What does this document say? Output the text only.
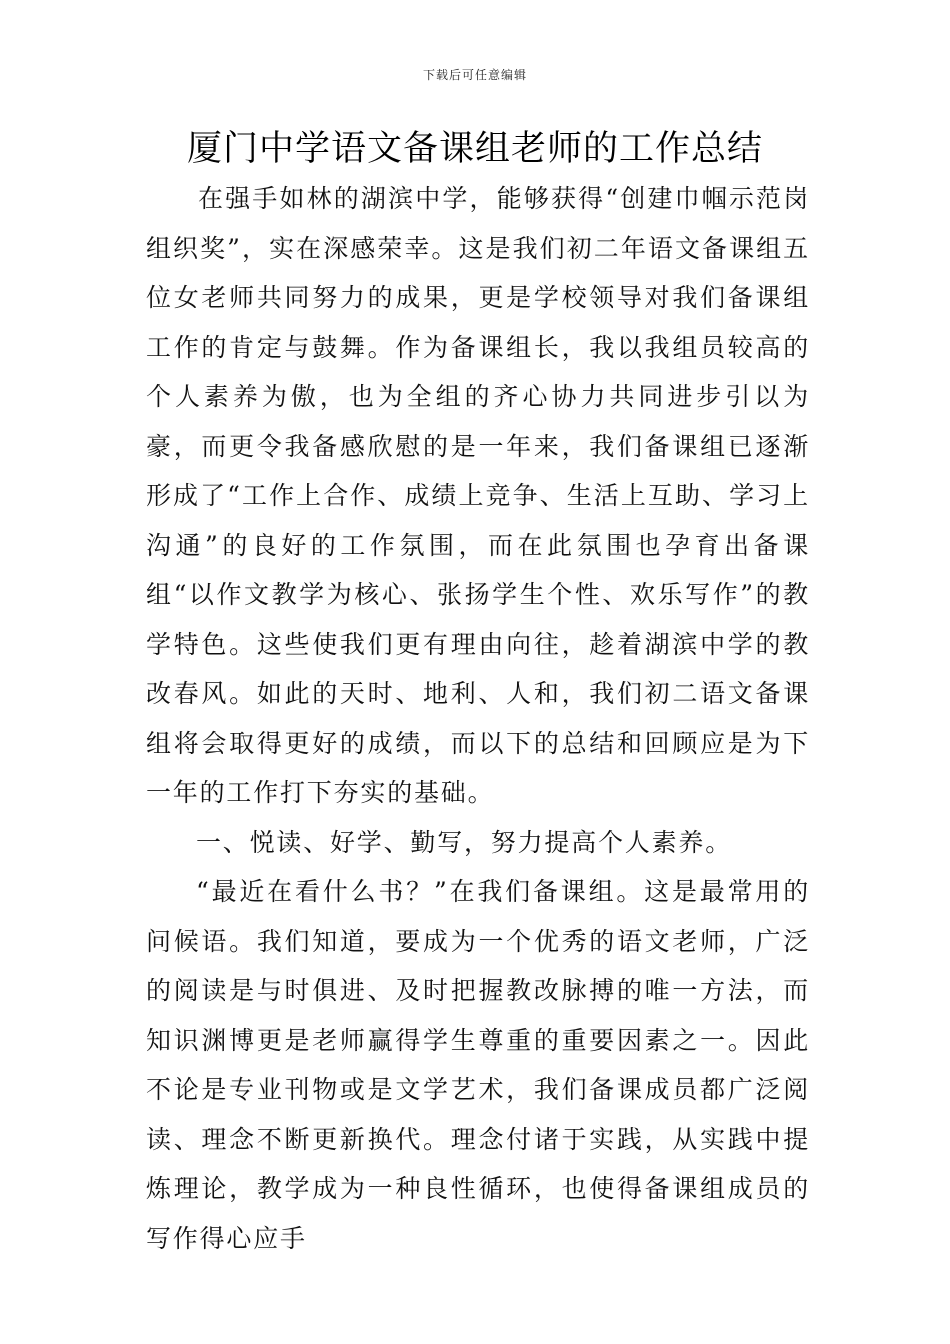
下载后可任意编辑
厦门中学语文备课组老师的工作总结

在强手如林的湖滨中学，能够获得“创建巾帼示范岗组织奖”，实在深感荣幸。这是我们初二年语文备课组五位女老师共同努力的成果，更是学校领导对我们备课组工作的肯定与鼓舞。作为备课组长，我以我组员较高的个人素养为傲，也为全组的齐心协力共同进步引以为豪，而更令我备感欣慰的是一年来，我们备课组已逐渐形成了“工作上合作、成绩上竞争、生活上互助、学习上沟通”的良好的工作氛围，而在此氛围也孕育出备课组“以作文教学为核心、张扬学生个性、欢乐写作”的教学特色。这些使我们更有理由向往，趁着湖滨中学的教改春风。如此的天时、地利、人和，我们初二语文备课组将会取得更好的成绩，而以下的总结和回顾应是为下一年的工作打下夯实的基础。

一、悦读、好学、勤写，努力提高个人素养。

“最近在看什么书？”在我们备课组。这是最常用的问候语。我们知道，要成为一个优秀的语文老师，广泛的阅读是与时俱进、及时把握教改脉搏的唯一方法，而知识渊博更是老师赢得学生尊重的重要因素之一。因此不论是专业刊物或是文学艺术，我们备课成员都广泛阅读、理念不断更新换代。理念付诸于实践，从实践中提炼理论，教学成为一种良性循环，也使得备课组成员的写作得心应手
